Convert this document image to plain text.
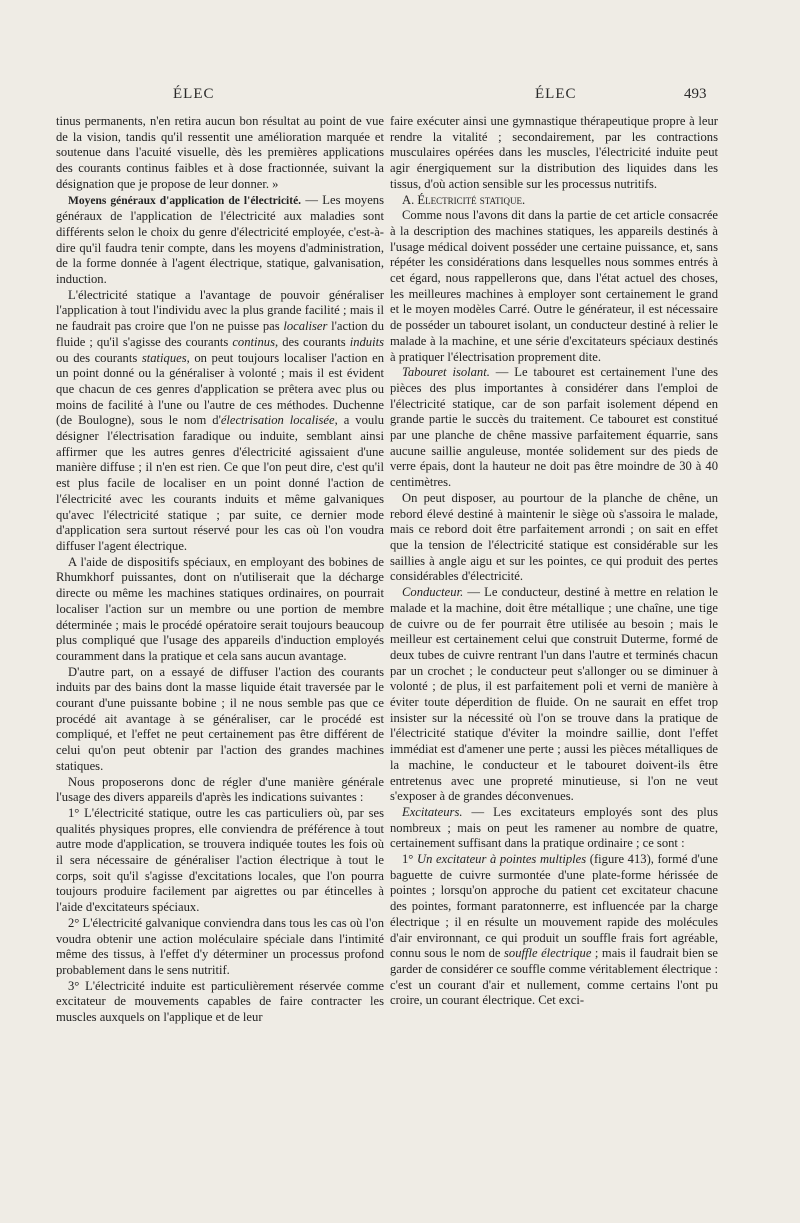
ÉLEC	ÉLEC	493

tinus permanents, n'en retira aucun bon résultat au point de vue de la vision, tandis qu'il ressentit une amélioration marquée et soutenue dans l'acuité visuelle, dès les premières applications des courants continus faibles et à dose fractionnée, suivant la désignation que je propose de leur donner. »

Moyens généraux d'application de l'électricité. — Les moyens généraux de l'application de l'électricité aux maladies sont différents selon le choix du genre d'électricité employée, c'est-à-dire qu'il faudra tenir compte, dans les moyens d'administration, de la forme donnée à l'agent électrique, statique, galvanisation, induction.

L'électricité statique a l'avantage de pouvoir généraliser l'application à tout l'individu avec la plus grande facilité ; mais il ne faudrait pas croire que l'on ne puisse pas localiser l'action du fluide ; qu'il s'agisse des courants continus, des courants induits ou des courants statiques, on peut toujours localiser l'action en un point donné ou la généraliser à volonté ; mais il est évident que chacun de ces genres d'application se prêtera avec plus ou moins de facilité à l'une ou l'autre de ces méthodes. Duchenne (de Boulogne), sous le nom d'électrisation localisée, a voulu désigner l'électrisation faradique ou induite, semblant ainsi affirmer que les autres genres d'électricité agissaient d'une manière diffuse ; il n'en est rien. Ce que l'on peut dire, c'est qu'il est plus facile de localiser en un point donné l'action de l'électricité avec les courants induits et même galvaniques qu'avec l'électricité statique ; par suite, ce dernier mode d'application sera surtout réservé pour les cas où l'on voudra diffuser l'agent électrique.

A l'aide de dispositifs spéciaux, en employant des bobines de Rhumkhorf puissantes, dont on n'utiliserait que la décharge directe ou même les machines statiques ordinaires, on pourrait localiser l'action sur un membre ou une portion de membre déterminée ; mais le procédé opératoire serait toujours beaucoup plus compliqué que l'usage des appareils d'induction employés couramment dans la pratique et cela sans aucun avantage.

D'autre part, on a essayé de diffuser l'action des courants induits par des bains dont la masse liquide était traversée par le courant d'une puissante bobine ; il ne nous semble pas que ce procédé ait avantage à se généraliser, car le procédé est compliqué, et l'effet ne peut certainement pas être différent de celui qu'on peut obtenir par l'action des grandes machines statiques.

Nous proposerons donc de régler d'une manière générale l'usage des divers appareils d'après les indications suivantes :

1° L'électricité statique, outre les cas particuliers où, par ses qualités physiques propres, elle conviendra de préférence à tout autre mode d'application, se trouvera indiquée toutes les fois où il sera nécessaire de généraliser l'action électrique à tout le corps, soit qu'il s'agisse d'excitations locales, que l'on pourra toujours produire facilement par aigrettes ou par étincelles à l'aide d'excitateurs spéciaux.

2° L'électricité galvanique conviendra dans tous les cas où l'on voudra obtenir une action moléculaire spéciale dans l'intimité même des tissus, à l'effet d'y déterminer un processus profond probablement dans le sens nutritif.

3° L'électricité induite est particulièrement réservée comme excitateur de mouvements capables de faire contracter les muscles auxquels on l'applique et de leur

faire exécuter ainsi une gymnastique thérapeutique propre à leur rendre la vitalité ; secondairement, par les contractions musculaires opérées dans les muscles, l'électricité induite peut agir énergiquement sur la distribution des liquides dans les tissus, d'où action sensible sur les processus nutritifs.

A. Électricité statique.

Comme nous l'avons dit dans la partie de cet article consacrée à la description des machines statiques, les appareils destinés à l'usage médical doivent posséder une certaine puissance, et, sans répéter les considérations dans lesquelles nous sommes entrés à cet égard, nous rappellerons que, dans l'état actuel des choses, les meilleures machines à employer sont certainement le grand et le moyen modèles Carré. Outre le générateur, il est nécessaire de posséder un tabouret isolant, un conducteur destiné à relier le malade à la machine, et une série d'excitateurs spéciaux destinés à pratiquer l'électrisation proprement dite.

Tabouret isolant. — Le tabouret est certainement l'une des pièces des plus importantes à considérer dans l'emploi de l'électricité statique, car de son parfait isolement dépend en grande partie le succès du traitement. Ce tabouret est constitué par une planche de chêne massive parfaitement équarrie, sans aucune saillie anguleuse, montée solidement sur des pieds de verre épais, dont la hauteur ne doit pas être moindre de 30 à 40 centimètres.

On peut disposer, au pourtour de la planche de chêne, un rebord élevé destiné à maintenir le siège où s'assoira le malade, mais ce rebord doit être parfaitement arrondi ; on sait en effet que la tension de l'électricité statique est considérable sur les saillies à angle aigu et sur les pointes, ce qui produit des pertes considérables d'électricité.

Conducteur. — Le conducteur, destiné à mettre en relation le malade et la machine, doit être métallique ; une chaîne, une tige de cuivre ou de fer pourrait être utilisée au besoin ; mais le meilleur est certainement celui que construit Duterme, formé de deux tubes de cuivre rentrant l'un dans l'autre et terminés chacun par un crochet ; le conducteur peut s'allonger ou se diminuer à volonté ; de plus, il est parfaitement poli et verni de manière à éviter toute déperdition de fluide. On ne saurait en effet trop insister sur la nécessité où l'on se trouve dans la pratique de l'électricité statique d'éviter la moindre saillie, dont l'effet immédiat est d'amener une perte ; aussi les pièces métalliques de la machine, le conducteur et le tabouret doivent-ils être entretenus avec une propreté minutieuse, si l'on ne veut s'exposer à de grandes déconvenues.

Excitateurs. — Les excitateurs employés sont des plus nombreux ; mais on peut les ramener au nombre de quatre, certainement suffisant dans la pratique ordinaire ; ce sont :

1° Un excitateur à pointes multiples (figure 413), formé d'une baguette de cuivre surmontée d'une plate-forme hérissée de pointes ; lorsqu'on approche du patient cet excitateur chacune des pointes, formant paratonnerre, est influencée par la charge électrique ; il en résulte un mouvement rapide des molécules d'air environnant, ce qui produit un souffle frais fort agréable, connu sous le nom de souffle électrique ; mais il faudrait bien se garder de considérer ce souffle comme véritablement électrique : c'est un courant d'air et nullement, comme certains l'ont pu croire, un courant électrique. Cet exci-
